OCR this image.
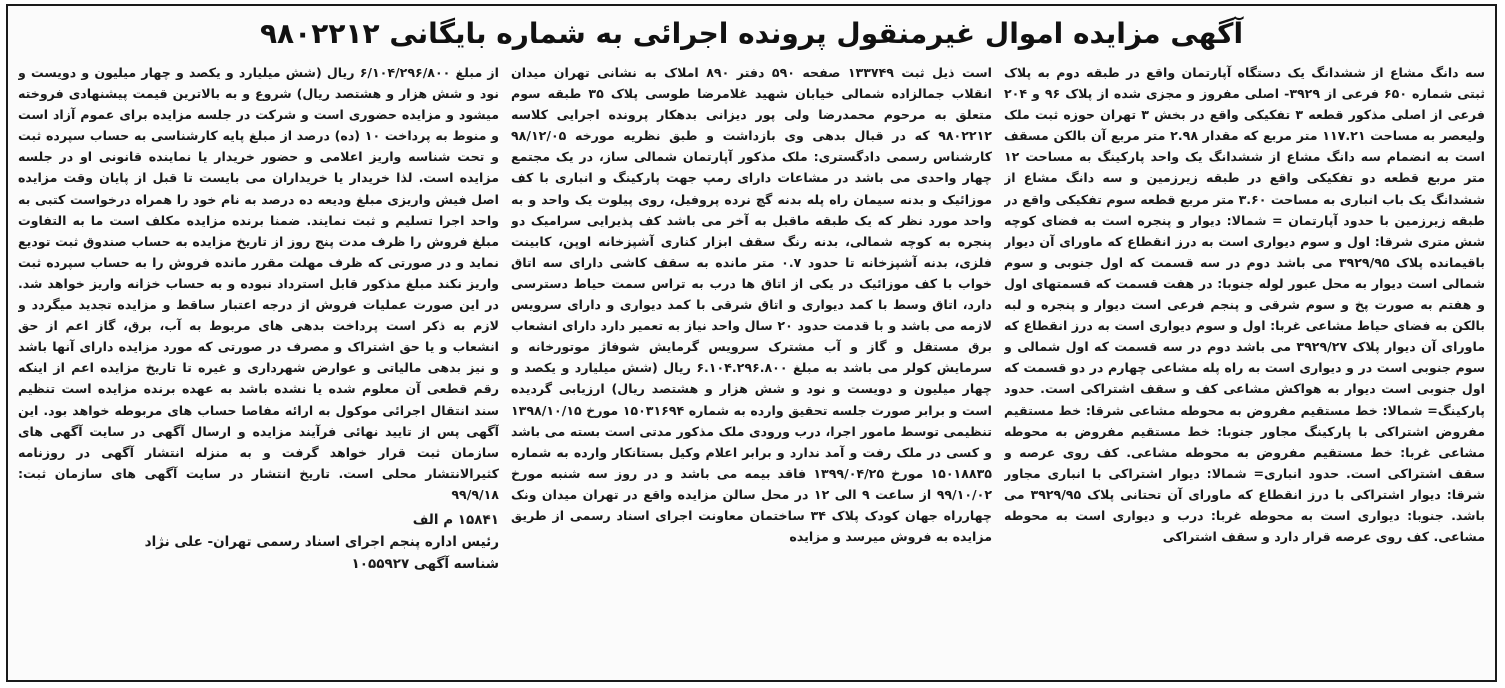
آگهی مزایده اموال غیرمنقول پرونده اجرائی به شماره بایگانی ۹۸۰۲۲۱۲

سه دانگ مشاع از ششدانگ یک دستگاه آپارتمان واقع در طبقه دوم به پلاک ثبتی شماره ۶۵۰ فرعی از ۳۹۲۹- اصلی مفروز و مجزی شده از پلاک ۹۶ و ۲۰۴ فرعی از اصلی مذکور قطعه ۳ تفکیکی واقع در بخش ۳ تهران حوزه ثبت ملک ولیعصر به مساحت ۱۱۷.۲۱ متر مربع که مقدار ۲.۹۸ متر مربع آن بالکن مسقف است به انضمام سه دانگ مشاع از ششدانگ یک واحد پارکینگ به مساحت ۱۲ متر مربع قطعه دو تفکیکی واقع در طبقه زیرزمین و سه دانگ مشاع از ششدانگ یک باب انباری به مساحت ۳.۶۰ متر مربع قطعه سوم تفکیکی واقع در طبقه زیرزمین با حدود آپارتمان = شمالا: دیوار و پنجره است به فضای کوچه شش متری شرقا: اول و سوم دیواری است به درز انقطاع که ماورای آن دیوار باقیمانده پلاک ۳۹۲۹/۹۵ می باشد دوم در سه قسمت که اول جنوبی و سوم شمالی است دیوار به محل عبور لوله جنوبا: در هفت قسمت که قسمتهای اول و هفتم به صورت پخ و سوم شرقی و پنجم فرعی است دیوار و پنجره و لبه بالکن به فضای حیاط مشاعی غربا: اول و سوم دیواری است به درز انقطاع که ماورای آن دیوار پلاک ۳۹۲۹/۲۷ می باشد دوم در سه قسمت که اول شمالی و سوم جنوبی است در و دیواری است به راه پله مشاعی چهارم در دو قسمت که اول جنوبی است دیوار به هواکش مشاعی کف و سقف اشتراکی است. حدود پارکینگ= شمالا: خط مستقیم مفروض به محوطه مشاعی شرقا: خط مستقیم مفروض اشتراکی با پارکینگ مجاور جنوبا: خط مستقیم مفروض به محوطه مشاعی غربا: خط مستقیم مفروض به محوطه مشاعی. کف روی عرصه و سقف اشتراکی است. حدود انباری= شمالا: دیوار اشتراکی با انباری مجاور شرقا: دیوار اشتراکی با درز انقطاع که ماورای آن تحتانی پلاک ۳۹۲۹/۹۵ می باشد. جنوبا: دیواری است به محوطه غربا: درب و دیواری است به محوطه مشاعی. کف روی عرصه قرار دارد و سقف اشتراکی

است ذیل ثبت ۱۳۳۷۴۹ صفحه ۵۹۰ دفتر ۸۹۰ املاک به نشانی تهران میدان انقلاب جمالزاده شمالی خیابان شهید غلامرضا طوسی پلاک ۳۵ طبقه سوم متعلق به مرحوم محمدرضا ولی پور دیزانی بدهکار پرونده اجرایی کلاسه ۹۸۰۲۲۱۲ که در قبال بدهی وی بازداشت و طبق نظریه مورخه ۹۸/۱۲/۰۵ کارشناس رسمی دادگستری: ملک مذکور آپارتمان شمالی ساز، در یک مجتمع چهار واحدی می باشد در مشاعات دارای رمپ جهت پارکینگ و انباری با کف موزائیک و بدنه سیمان راه پله بدنه گچ نرده پروفیل، روی پیلوت یک واحد و به واحد مورد نظر که یک طبقه ماقبل به آخر می باشد کف پذیرایی سرامیک دو پنجره به کوچه شمالی، بدنه رنگ سقف ابزار کناری آشپزخانه اوپن، کابینت فلزی، بدنه آشپزخانه تا حدود ۰.۷ متر مانده به سقف کاشی دارای سه اتاق خواب با کف موزائیک در یکی از اتاق ها درب به تراس سمت حیاط دسترسی دارد، اتاق وسط با کمد دیواری و اتاق شرقی با کمد دیواری و دارای سرویس لازمه می باشد و با قدمت حدود ۲۰ سال واحد نیاز به تعمیر دارد دارای انشعاب برق مستقل و گاز و آب مشترک سرویس گرمایش شوفاژ موتورخانه و سرمایش کولر می باشد به مبلغ ۶.۱۰۴.۲۹۶.۸۰۰ ریال (شش میلیارد و یکصد و چهار میلیون و دویست و نود و شش هزار و هشتصد ریال) ارزیابی گردیده است و برابر صورت جلسه تحقیق وارده به شماره ۱۵۰۳۱۶۹۴ مورخ ۱۳۹۸/۱۰/۱۵ تنظیمی توسط مامور اجرا، درب ورودی ملک مذکور مدتی است بسته می باشد و کسی در ملک رفت و آمد ندارد و برابر اعلام وکیل بستانکار وارده به شماره ۱۵۰۱۸۸۳۵ مورخ ۱۳۹۹/۰۴/۲۵ فاقد بیمه می باشد و در روز سه شنبه مورخ ۹۹/۱۰/۰۲ از ساعت ۹ الی ۱۲ در محل سالن مزایده واقع در تهران میدان ونک چهارراه جهان کودک پلاک ۳۴ ساختمان معاونت اجرای اسناد رسمی از طریق مزایده به فروش میرسد و مزایده

از مبلغ ۶/۱۰۴/۲۹۶/۸۰۰ ریال (شش میلیارد و یکصد و چهار میلیون و دویست و نود و شش هزار و هشتصد ریال) شروع و به بالاترین قیمت پیشنهادی فروخته میشود و مزایده حضوری است و شرکت در جلسه مزایده برای عموم آزاد است و منوط به پرداخت ۱۰ (ده) درصد از مبلغ پایه کارشناسی به حساب سپرده ثبت و تحت شناسه واریز اعلامی و حضور خریدار یا نماینده قانونی او در جلسه مزایده است. لذا خریدار یا خریداران می بایست تا قبل از پایان وقت مزایده اصل فیش واریزی مبلغ ودیعه ده درصد به نام خود را همراه درخواست کتبی به واحد اجرا تسلیم و ثبت نمایند. ضمنا برنده مزایده مکلف است ما به التفاوت مبلغ فروش را ظرف مدت پنج روز از تاریخ مزایده به حساب صندوق ثبت تودیع نماید و در صورتی که ظرف مهلت مقرر مانده فروش را به حساب سپرده ثبت واریز نکند مبلغ مذکور قابل استرداد نبوده و به حساب خزانه واریز خواهد شد. در این صورت عملیات فروش از درجه اعتبار ساقط و مزایده تجدید میگردد و لازم به ذکر است پرداخت بدهی های مربوط به آب، برق، گاز اعم از حق انشعاب و یا حق اشتراک و مصرف در صورتی که مورد مزایده دارای آنها باشد و نیز بدهی مالیاتی و عوارض شهرداری و غیره تا تاریخ مزایده اعم از اینکه رقم قطعی آن معلوم شده یا نشده باشد به عهده برنده مزایده است تنظیم سند انتقال اجرائی موکول به ارائه مفاصا حساب های مربوطه خواهد بود. این آگهی پس از تایید نهائی فرآیند مزایده و ارسال آگهی در سایت آگهی های سازمان ثبت قرار خواهد گرفت و به منزله انتشار آگهی در روزنامه کثیرالانتشار محلی است. تاریخ انتشار در سایت آگهی های سازمان ثبت: ۹۹/۹/۱۸

۱۵۸۴۱ م الف
رئیس اداره پنجم اجرای اسناد رسمی تهران- علی نژاد
شناسه آگهی ۱۰۵۵۹۲۷
